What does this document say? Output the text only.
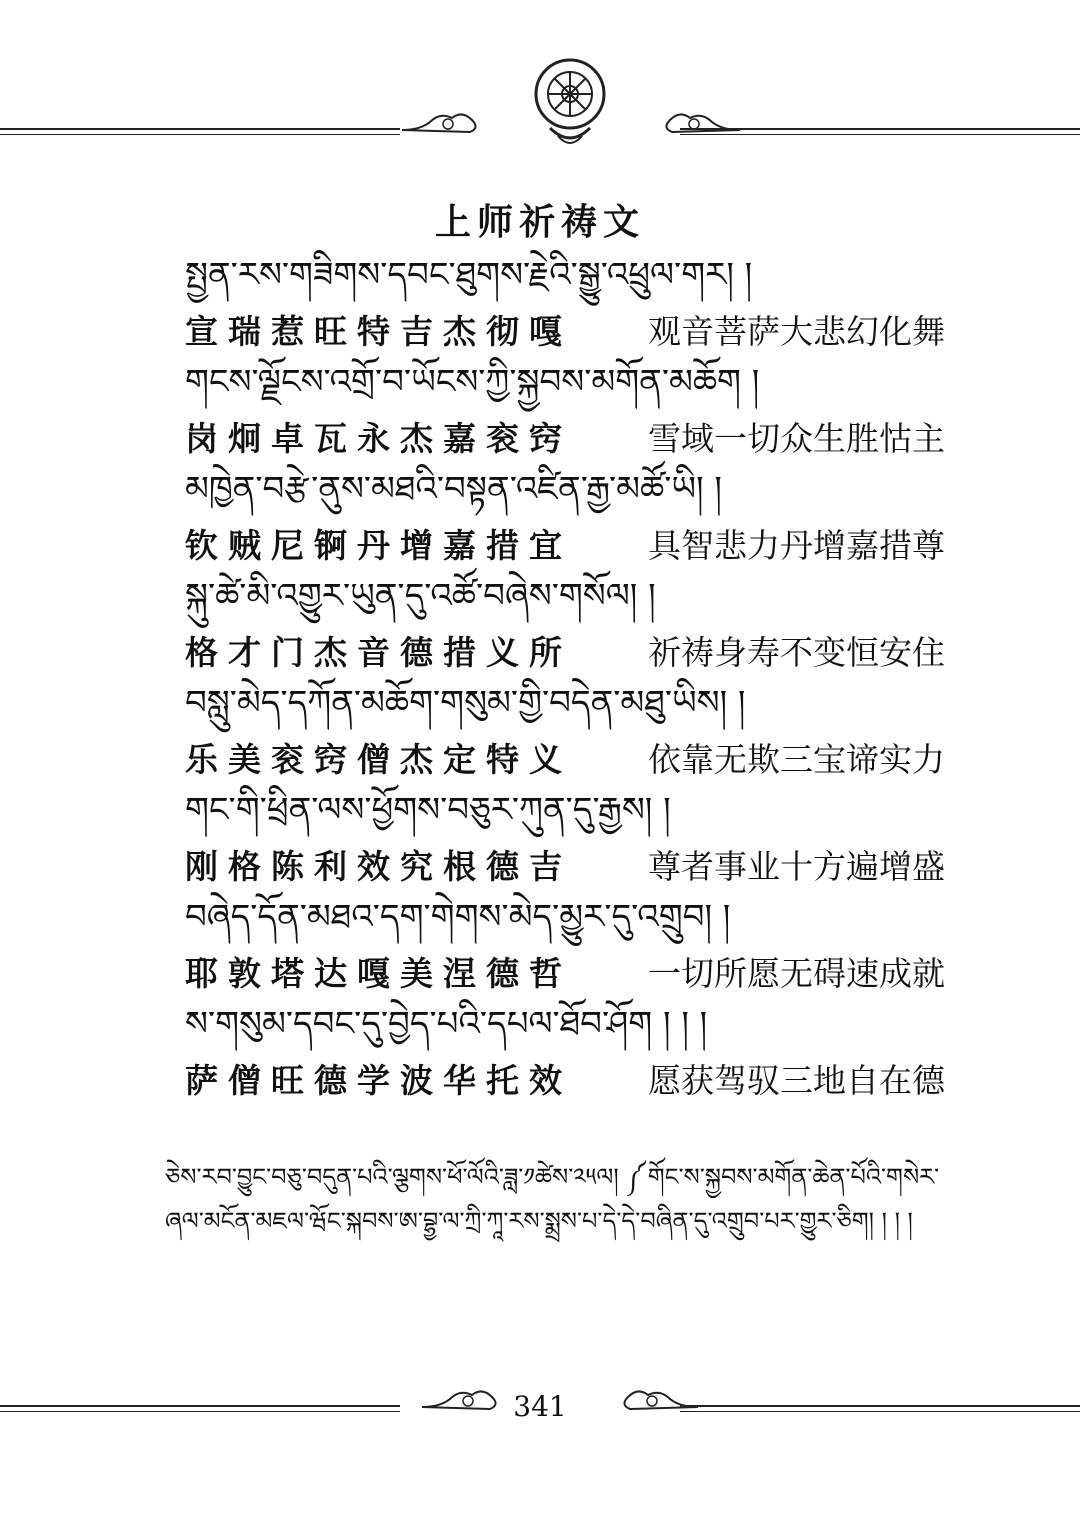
上师祈祷文
སྤྱན་རས་གཟིགས་དབང་ཐུགས་རྗེའི་སྒྱུ་འཕྲུལ་གར། །
宣瑞惹旺特吉杰彻嘎 观音菩萨大悲幻化舞
གངས་ལྗོངས་འགྲོ་བ་ཡོངས་ཀྱི་སྐྱབས་མགོན་མཆོག །
岗炯卓瓦永杰嘉衮窍 雪域一切众生胜怙主
མཁྱེན་བརྩེ་ནུས་མཐའི་བསྟན་འཛིན་རྒྱ་མཚོ་ཡི། །
钦贼尼锕丹增嘉措宜 具智悲力丹增嘉措尊
སྐུ་ཚེ་མི་འགྱུར་ཡུན་དུ་འཚོ་བཞེས་གསོལ། །
格才门杰音德措义所 祈祷身寿不变恒安住
བསླུ་མེད་དཀོན་མཆོག་གསུམ་གྱི་བདེན་མཐུ་ཡིས། །
乐美衮窍僧杰定特义 依靠无欺三宝谛实力
གང་གི་ཕྲིན་ལས་ཕྱོགས་བཅུར་ཀུན་དུ་རྒྱས། །
刚格陈利效究根德吉 尊者事业十方遍增盛
བཞེད་དོན་མཐའ་དག་གེགས་མེད་མྱུར་དུ་འགྲུབ། །
耶敦塔达嘎美涅德哲 一切所愿无碍速成就
ས་གསུམ་དབང་དུ་བྱེད་པའི་དཔལ་ཐོབ་ཤོག ། ། །
萨僧旺德学波华托效 愿获驾驭三地自在德
ཅེས་རབ་བྱུང་བཅུ་བདུན་པའི་ལྕགས་ཕོ་ལོའི་ཟླ་༡ཚེས་༢༥ལ། ༼གོང་ས་སྐྱབས་མགོན་ཆེན་པོའི་གསེར་ཞལ་མངོན་མཇལ་ཝོང་སྐབས་ཨ་བྷྱ་ལ་ཀྲི་ཀཱ་རས་སྨྲས་པ་དེ་དེ་བཞིན་དུ་འགྲུབ་པར་གྱུར་ཅིག། ། ། །
341
